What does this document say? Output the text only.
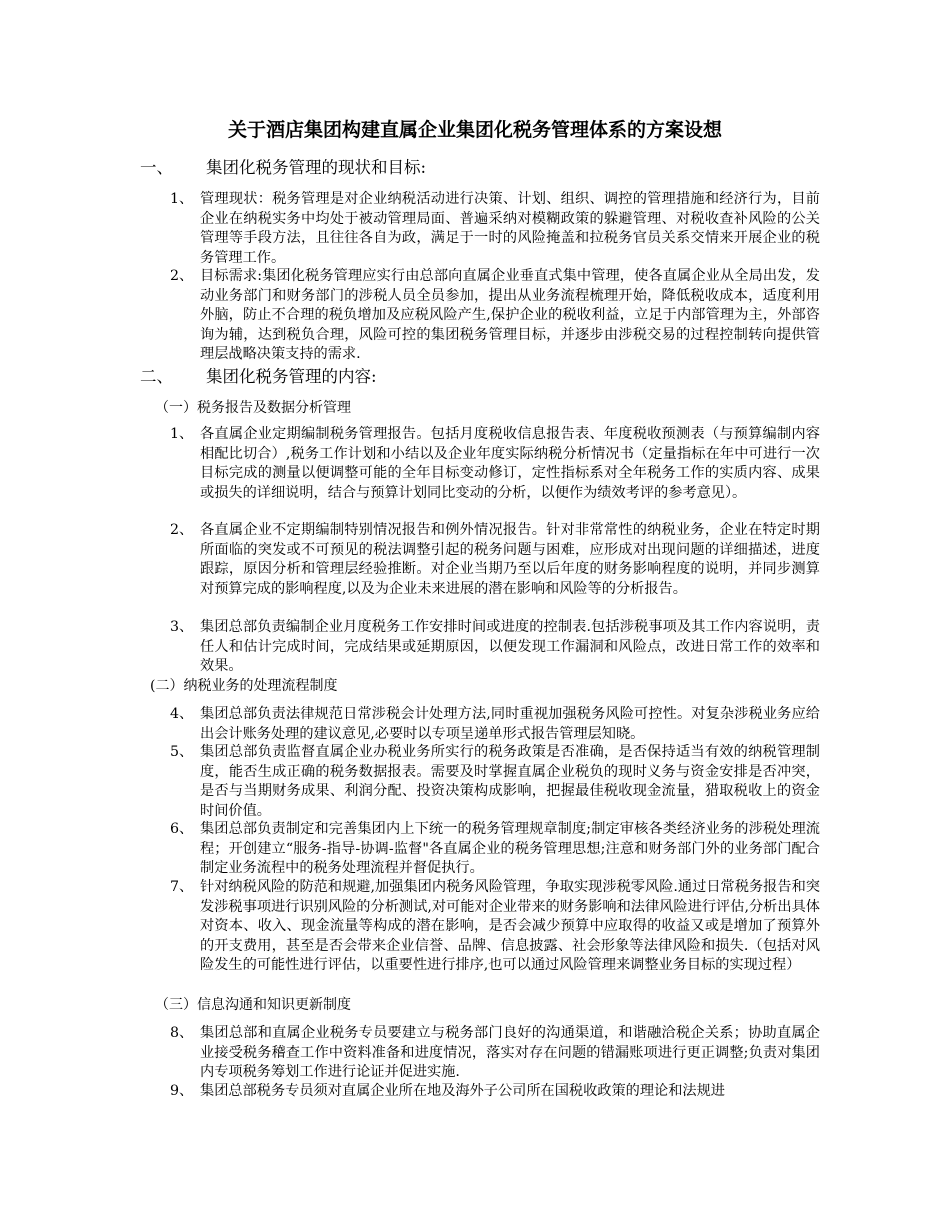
关于酒店集团构建直属企业集团化税务管理体系的方案设想
一、 集团化税务管理的现状和目标:
1、 管理现状：税务管理是对企业纳税活动进行决策、计划、组织、调控的管理措施和经济行为，目前企业在纳税实务中均处于被动管理局面、普遍采纳对模糊政策的躲避管理、对税收查补风险的公关管理等手段方法，且往往各自为政，满足于一时的风险掩盖和拉税务官员关系交情来开展企业的税务管理工作。
2、 目标需求:集团化税务管理应实行由总部向直属企业垂直式集中管理，使各直属企业从全局出发，发动业务部门和财务部门的涉税人员全员参加，提出从业务流程梳理开始，降低税收成本，适度利用外脑，防止不合理的税负增加及应税风险产生,保护企业的税收利益，立足于内部管理为主，外部咨询为辅，达到税负合理，风险可控的集团税务管理目标，并逐步由涉税交易的过程控制转向提供管理层战略决策支持的需求.
二、 集团化税务管理的内容:
（一）税务报告及数据分析管理
1、 各直属企业定期编制税务管理报告。包括月度税收信息报告表、年度税收预测表（与预算编制内容相配比切合）,税务工作计划和小结以及企业年度实际纳税分析情况书（定量指标在年中可进行一次目标完成的测量以便调整可能的全年目标变动修订，定性指标系对全年税务工作的实质内容、成果或损失的详细说明，结合与预算计划同比变动的分析，以便作为绩效考评的参考意见）。
2、 各直属企业不定期编制特别情况报告和例外情况报告。针对非常常性的纳税业务，企业在特定时期所面临的突发或不可预见的税法调整引起的税务问题与困难，应形成对出现问题的详细描述，进度跟踪，原因分析和管理层经验推断。对企业当期乃至以后年度的财务影响程度的说明，并同步测算对预算完成的影响程度,以及为企业未来进展的潜在影响和风险等的分析报告。
3、 集团总部负责编制企业月度税务工作安排时间或进度的控制表.包括涉税事项及其工作内容说明，责任人和估计完成时间，完成结果或延期原因，以便发现工作漏洞和风险点，改进日常工作的效率和效果。
(二）纳税业务的处理流程制度
4、 集团总部负责法律规范日常涉税会计处理方法,同时重视加强税务风险可控性。对复杂涉税业务应给出会计账务处理的建议意见,必要时以专项呈递单形式报告管理层知晓。
5、 集团总部负责监督直属企业办税业务所实行的税务政策是否准确，是否保持适当有效的纳税管理制度，能否生成正确的税务数据报表。需要及时掌握直属企业税负的现时义务与资金安排是否冲突，是否与当期财务成果、利润分配、投资决策构成影响，把握最佳税收现金流量，猎取税收上的资金时间价值。
6、 集团总部负责制定和完善集团内上下统一的税务管理规章制度;制定审核各类经济业务的涉税处理流程；开创建立“服务-指导-协调-监督"各直属企业的税务管理思想;注意和财务部门外的业务部门配合制定业务流程中的税务处理流程并督促执行。
7、 针对纳税风险的防范和规避,加强集团内税务风险管理，争取实现涉税零风险.通过日常税务报告和突发涉税事项进行识别风险的分析测试,对可能对企业带来的财务影响和法律风险进行评估,分析出具体对资本、收入、现金流量等构成的潜在影响，是否会减少预算中应取得的收益又或是增加了预算外的开支费用，甚至是否会带来企业信誉、品牌、信息披露、社会形象等法律风险和损失.（包括对风险发生的可能性进行评估，以重要性进行排序,也可以通过风险管理来调整业务目标的实现过程）
（三）信息沟通和知识更新制度
8、 集团总部和直属企业税务专员要建立与税务部门良好的沟通渠道，和谐融洽税企关系；协助直属企业接受税务稽查工作中资料准备和进度情况，落实对存在问题的错漏账项进行更正调整;负责对集团内专项税务筹划工作进行论证并促进实施.
9、 集团总部税务专员须对直属企业所在地及海外子公司所在国税收政策的理论和法规进
